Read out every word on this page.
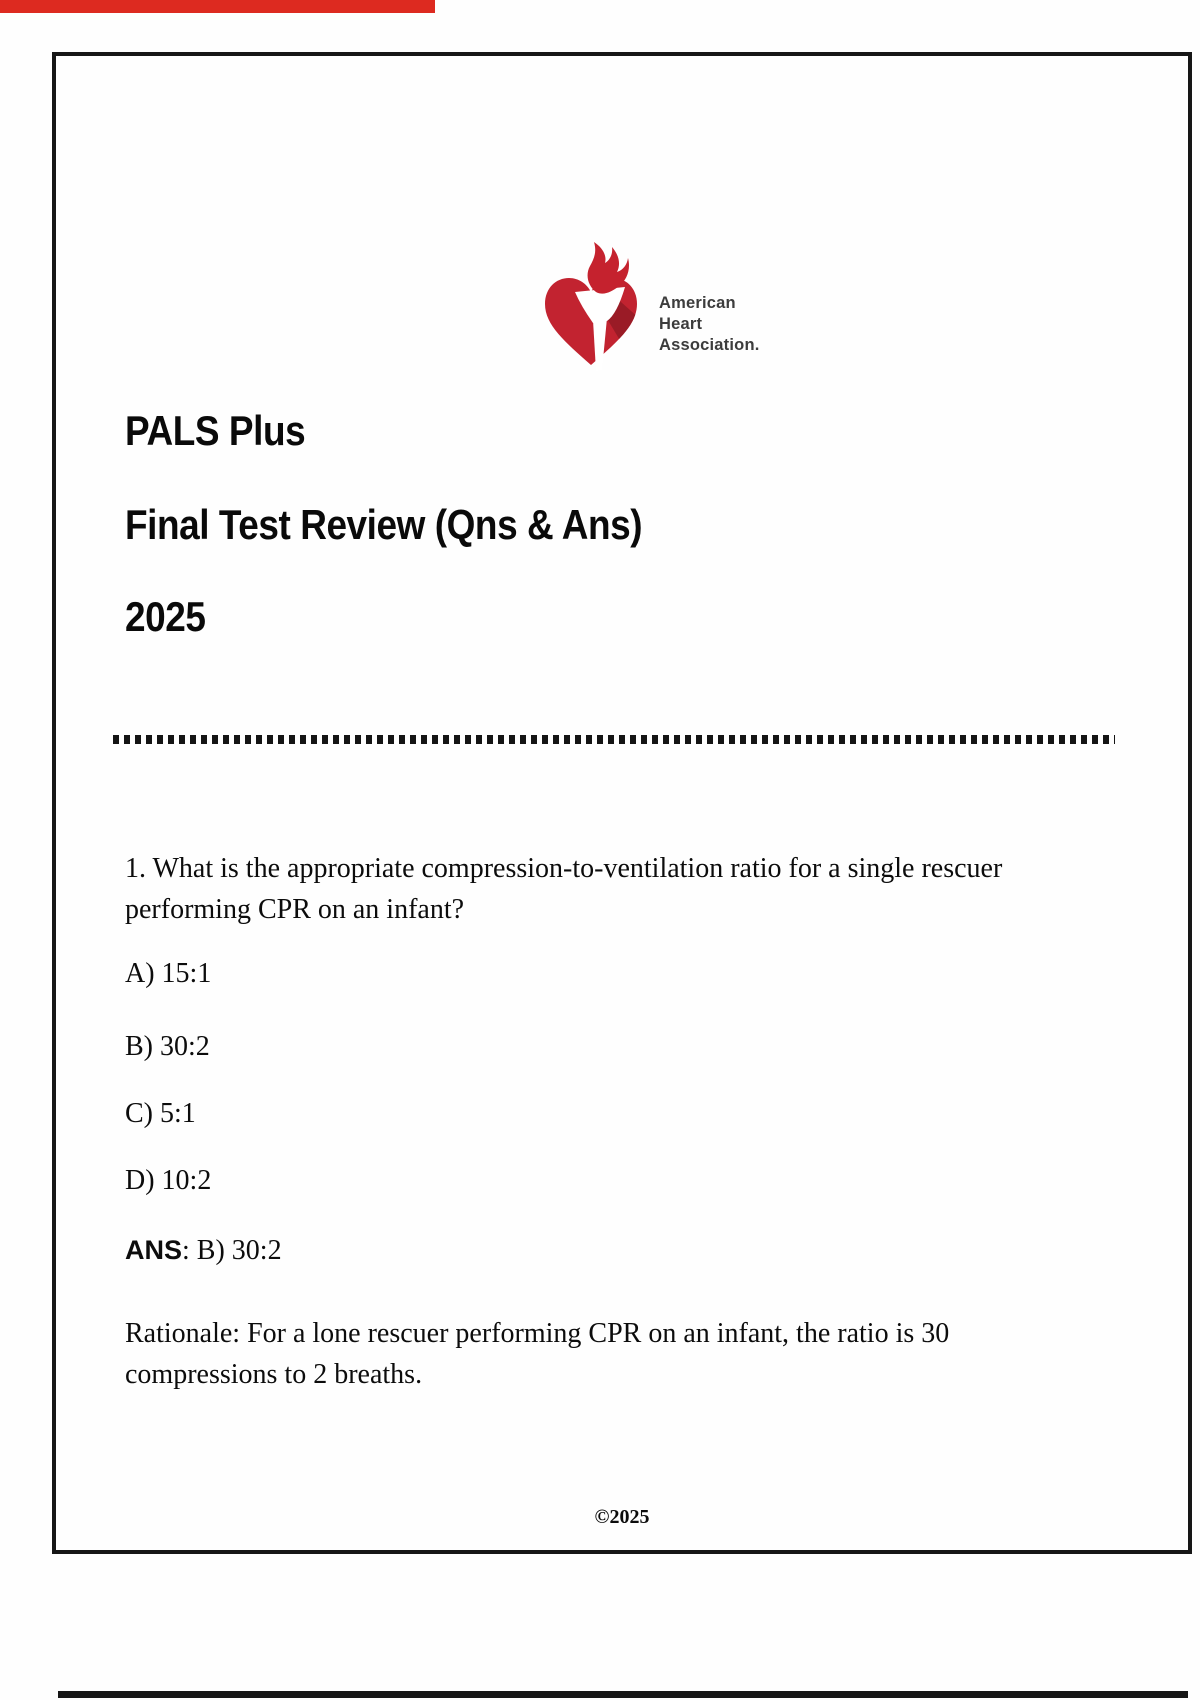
American
Heart
Association.
PALS Plus
Final Test Review (Qns & Ans)
2025

1. What is the appropriate compression-to-ventilation ratio for a single rescuer performing CPR on an infant?

A) 15:1

B) 30:2

C) 5:1

D) 10:2

ANS: B) 30:2

Rationale: For a lone rescuer performing CPR on an infant, the ratio is 30 compressions to 2 breaths.

©2025
